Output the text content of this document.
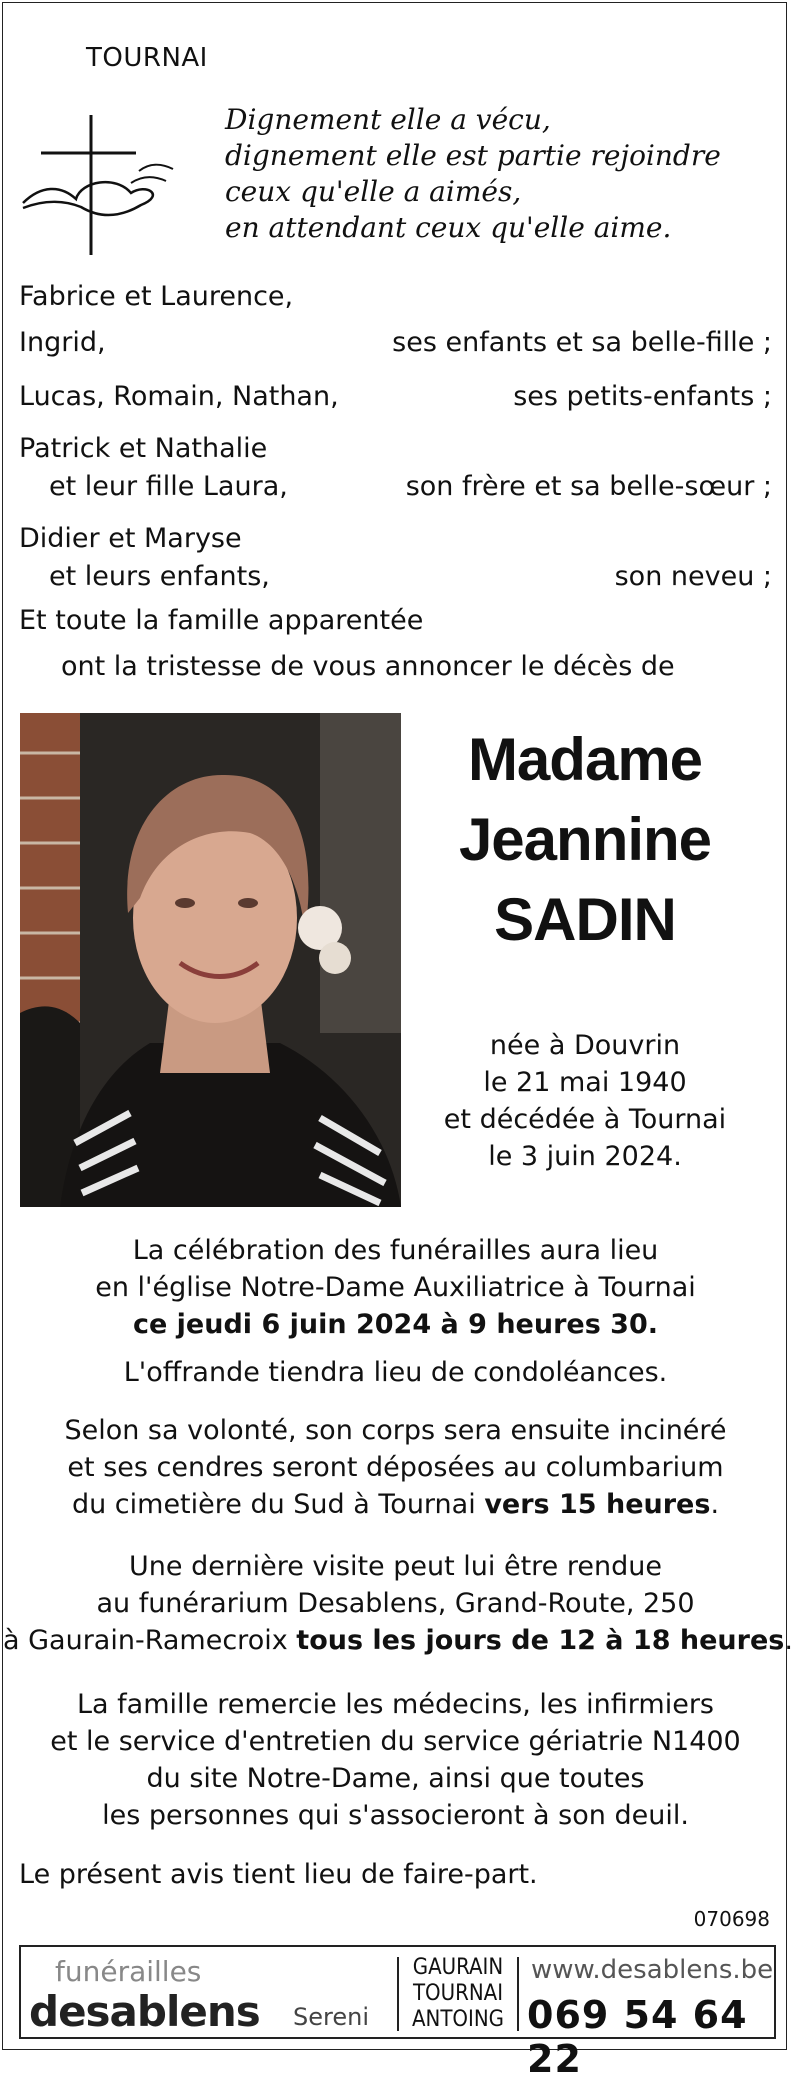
TOURNAI
Dignement elle a vécu,
dignement elle est partie rejoindre
ceux qu'elle a aimés,
en attendant ceux qu'elle aime.
Fabrice et Laurence,
Ingrid,	ses enfants et sa belle-fille ;
Lucas, Romain, Nathan,	ses petits-enfants ;
Patrick et Nathalie
et leur fille Laura,	son frère et sa belle-sœur ;
Didier et Maryse
et leurs enfants,	son neveu ;
Et toute la famille apparentée
ont la tristesse de vous annoncer le décès de
Madame
Jeannine
SADIN
née à Douvrin
le 21 mai 1940
et décédée à Tournai
le 3 juin 2024.
La célébration des funérailles aura lieu
en l'église Notre-Dame Auxiliatrice à Tournai
ce jeudi 6 juin 2024 à 9 heures 30.
L'offrande tiendra lieu de condoléances.
Selon sa volonté, son corps sera ensuite incinéré
et ses cendres seront déposées au columbarium
du cimetière du Sud à Tournai vers 15 heures.
Une dernière visite peut lui être rendue
au funérarium Desablens, Grand-Route, 250
à Gaurain-Ramecroix tous les jours de 12 à 18 heures.
La famille remercie les médecins, les infirmiers
et le service d'entretien du service gériatrie N1400
du site Notre-Dame, ainsi que toutes
les personnes qui s'associeront à son deuil.
Le présent avis tient lieu de faire-part.
070698
funérailles
desablens Sereni
GAURAIN
TOURNAI
ANTOING
www.desablens.be
069 54 64 22
